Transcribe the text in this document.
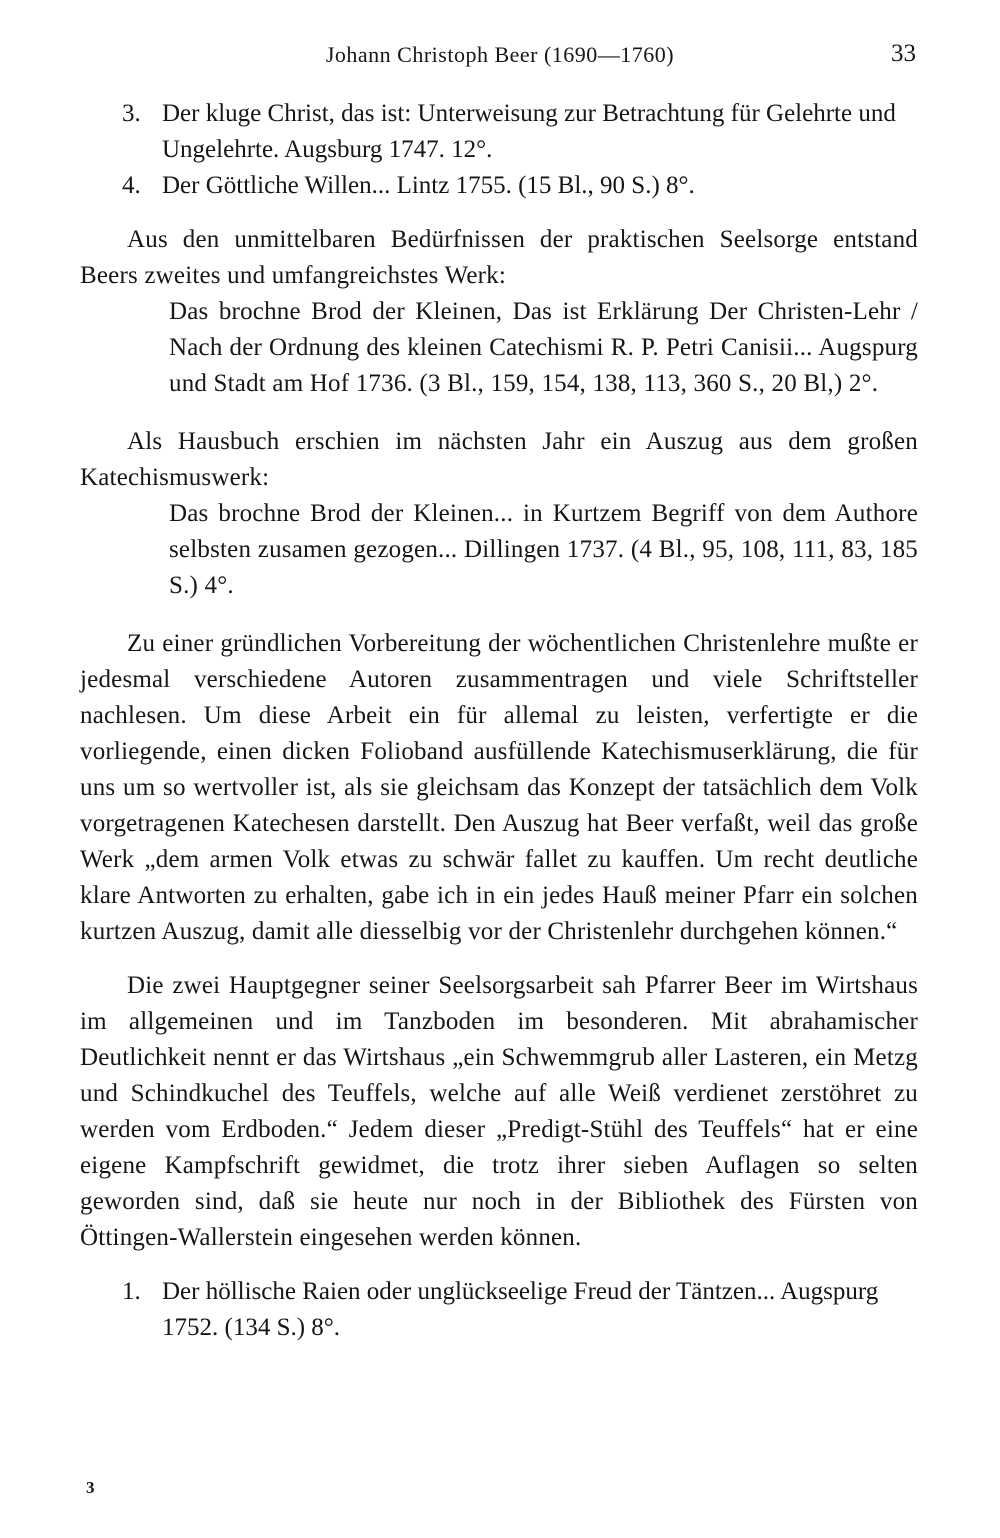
Johann Christoph Beer (1690—1760)	33

3. Der kluge Christ, das ist: Unterweisung zur Betrachtung für Gelehrte und Ungelehrte. Augsburg 1747. 12°.

4. Der Göttliche Willen... Lintz 1755. (15 Bl., 90 S.) 8°.

Aus den unmittelbaren Bedürfnissen der praktischen Seelsorge entstand Beers zweites und umfangreichstes Werk:

Das brochne Brod der Kleinen, Das ist Erklärung Der Christen-Lehr / Nach der Ordnung des kleinen Catechismi R. P. Petri Canisii... Augspurg und Stadt am Hof 1736. (3 Bl., 159, 154, 138, 113, 360 S., 20 Bl,) 2°.

Als Hausbuch erschien im nächsten Jahr ein Auszug aus dem großen Katechismuswerk:

Das brochne Brod der Kleinen... in Kurtzem Begriff von dem Authore selbsten zusamen gezogen... Dillingen 1737. (4 Bl., 95, 108, 111, 83, 185 S.) 4°.

Zu einer gründlichen Vorbereitung der wöchentlichen Christenlehre mußte er jedesmal verschiedene Autoren zusammentragen und viele Schriftsteller nachlesen. Um diese Arbeit ein für allemal zu leisten, verfertigte er die vorliegende, einen dicken Folioband ausfüllende Katechismuserklärung, die für uns um so wertvoller ist, als sie gleichsam das Konzept der tatsächlich dem Volk vorgetragenen Katechesen darstellt. Den Auszug hat Beer verfaßt, weil das große Werk „dem armen Volk etwas zu schwär fallet zu kauffen. Um recht deutliche klare Antworten zu erhalten, gabe ich in ein jedes Hauß meiner Pfarr ein solchen kurtzen Auszug, damit alle diesselbig vor der Christenlehr durchgehen können.“

Die zwei Hauptgegner seiner Seelsorgsarbeit sah Pfarrer Beer im Wirtshaus im allgemeinen und im Tanzboden im besonderen. Mit abrahamischer Deutlichkeit nennt er das Wirtshaus „ein Schwemmgrub aller Lasteren, ein Metzg und Schindkuchel des Teuffels, welche auf alle Weiß verdienet zerstöhret zu werden vom Erdboden.“ Jedem dieser „Predigt-Stühl des Teuffels“ hat er eine eigene Kampfschrift gewidmet, die trotz ihrer sieben Auflagen so selten geworden sind, daß sie heute nur noch in der Bibliothek des Fürsten von Öttingen-Wallerstein eingesehen werden können.

1. Der höllische Raien oder unglückseelige Freud der Täntzen... Augspurg 1752. (134 S.) 8°.

3
